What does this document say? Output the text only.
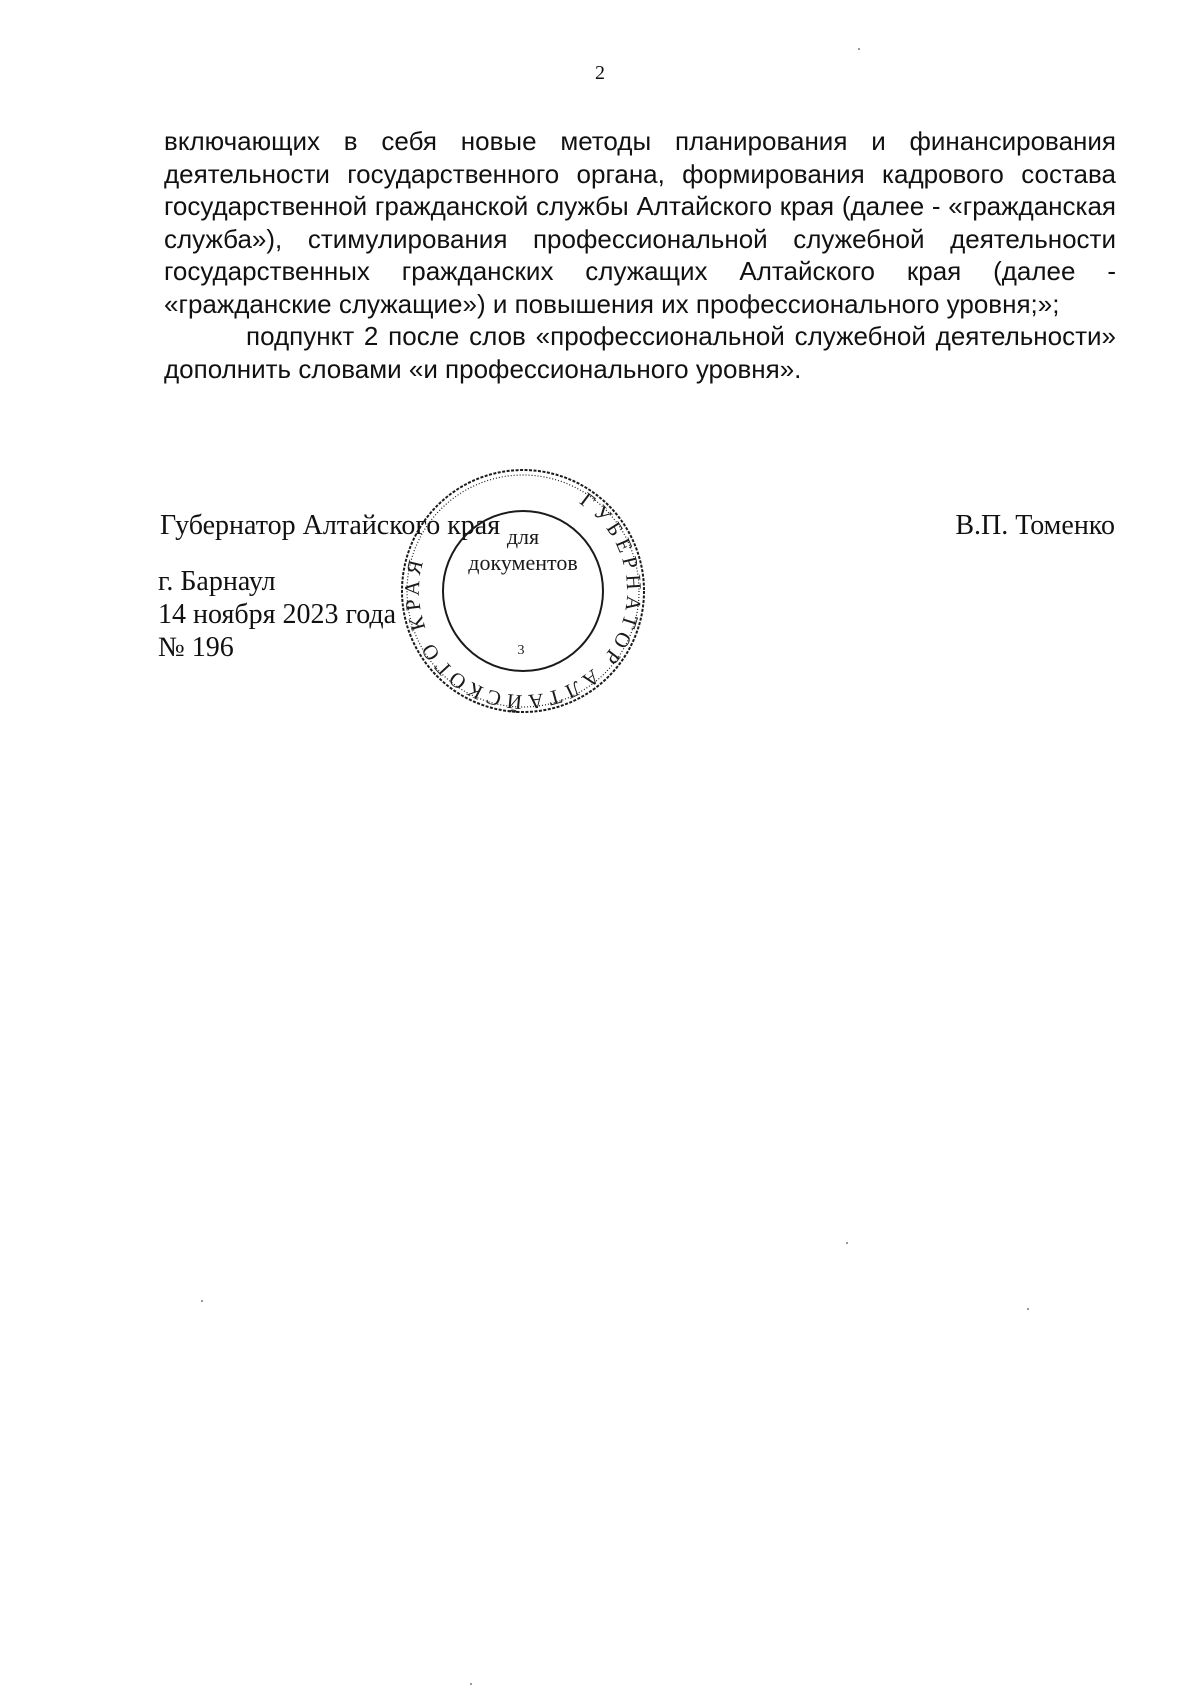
2

включающих в себя новые методы планирования и финансирования деятельности государственного органа, формирования кадрового состава государственной гражданской службы Алтайского края (далее - «гражданская служба»), стимулирования профессиональной служебной деятельности государственных гражданских служащих Алтайского края (далее - «гражданские служащие») и повышения их профессионального уровня;»;

подпункт 2 после слов «профессиональной служебной деятельности» дополнить словами «и профессионального уровня».

Губернатор Алтайского края	В.П. Томенко
г. Барнаул
14 ноября 2023 года
№ 196
ГУБЕРНАТОР АЛТАЙСКОГО КРАЯ
для
документов
3
